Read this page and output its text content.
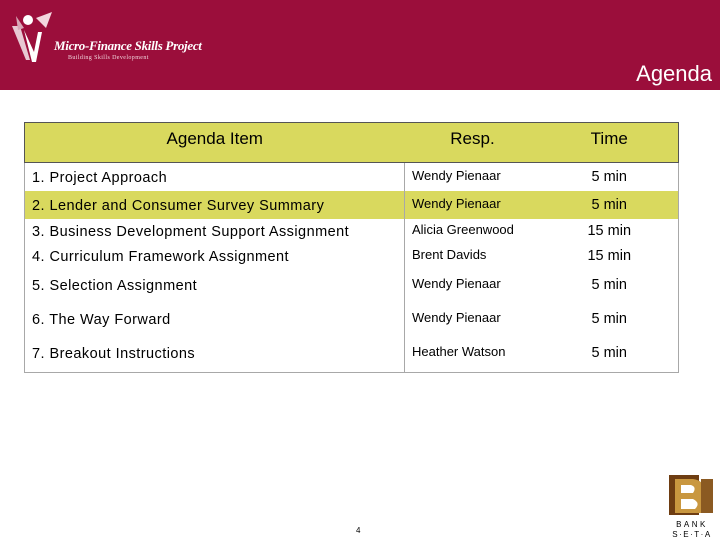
Micro-Finance Skills Project
Building Skills Development
Agenda
Agenda Item	Resp.	Time
1. Project Approach	Wendy Pienaar	5 min
2. Lender and Consumer Survey Summary	Wendy Pienaar	5 min
3. Business Development Support Assignment	Alicia Greenwood	15 min
4. Curriculum Framework Assignment	Brent Davids	15 min
5. Selection Assignment	Wendy Pienaar	5 min
6. The Way Forward	Wendy Pienaar	5 min
7. Breakout Instructions	Heather Watson	5 min
4
BANK
S·E·T·A
